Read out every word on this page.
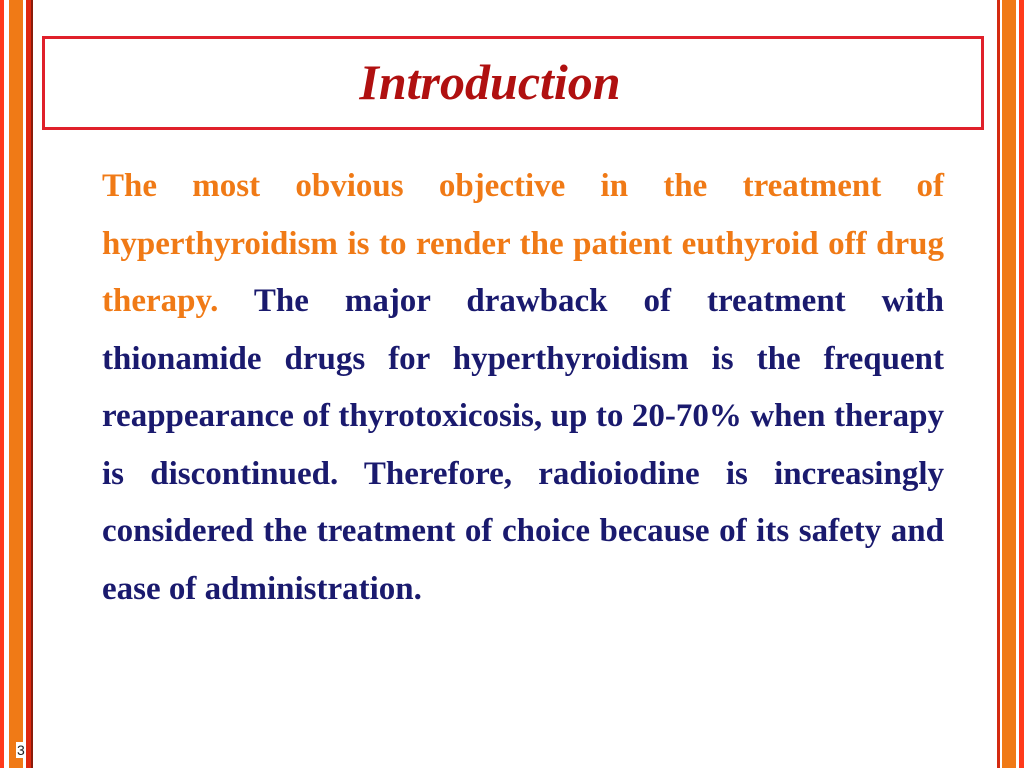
Introduction

The most obvious objective in the treatment of hyperthyroidism is to render the patient euthyroid off drug therapy. The major drawback of treatment with thionamide drugs for hyperthyroidism is the frequent reappearance of thyrotoxicosis, up to 20-70% when therapy is discontinued. Therefore, radioiodine is increasingly considered the treatment of choice because of its safety and ease of administration.

3
